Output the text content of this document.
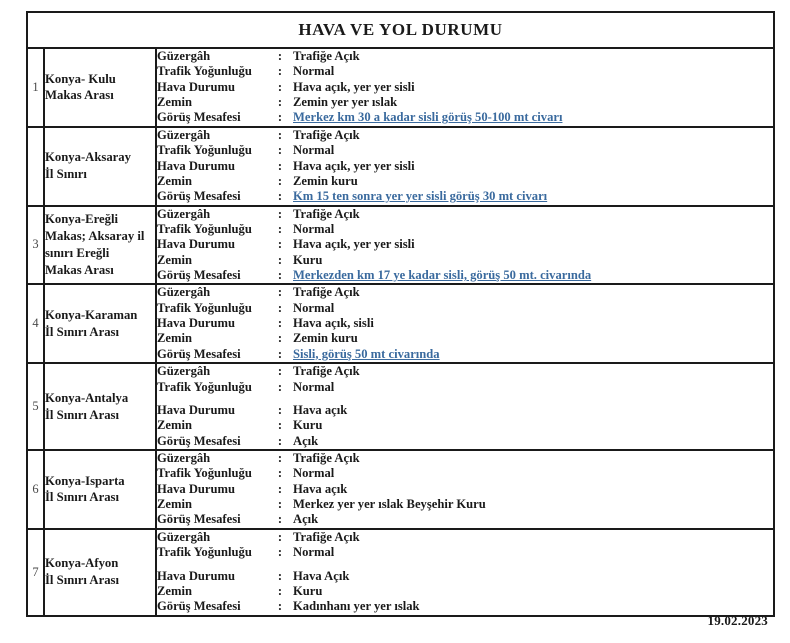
HAVA VE YOL DURUMU
1	
Konya- Kulu
Makas Arası

Güzergâh	:	Trafiğe Açık
Trafik Yoğunluğu	:	Normal
Hava Durumu	:	Hava açık, yer yer sisli
Zemin	:	Zemin yer yer ıslak
Görüş Mesafesi	:	Merkez km 30 a kadar sisli görüş 50-100 mt civarı

Konya-Aksaray
İl Sınırı

Güzergâh	:	Trafiğe Açık
Trafik Yoğunluğu	:	Normal
Hava Durumu	:	Hava açık, yer yer sisli
Zemin	:	Zemin kuru
Görüş Mesafesi	:	Km 15 ten sonra yer yer sisli görüş 30 mt civarı

3	
Konya-Ereğli
Makas; Aksaray il
sınırı Ereğli
Makas Arası

Güzergâh	:	Trafiğe Açık
Trafik Yoğunluğu	:	Normal
Hava Durumu	:	Hava açık, yer yer sisli
Zemin	:	Kuru
Görüş Mesafesi	:	Merkezden km 17 ye kadar sisli, görüş 50 mt. civarında

4	
Konya-Karaman
İl Sınırı Arası

Güzergâh	:	Trafiğe Açık
Trafik Yoğunluğu	:	Normal
Hava Durumu	:	Hava açık, sisli
Zemin	:	Zemin kuru
Görüş Mesafesi	:	Sisli, görüş 50 mt civarında

5	
Konya-Antalya
İl Sınırı Arası

Güzergâh	:	Trafiğe Açık
Trafik Yoğunluğu	:	Normal
Hava Durumu	:	Hava açık
Zemin	:	Kuru
Görüş Mesafesi	:	Açık

6	
Konya-Isparta
İl Sınırı Arası

Güzergâh	:	Trafiğe Açık
Trafik Yoğunluğu	:	Normal
Hava Durumu	:	Hava açık
Zemin	:	Merkez yer yer ıslak Beyşehir Kuru
Görüş Mesafesi	:	Açık

7	
Konya-Afyon
İl Sınırı Arası

Güzergâh	:	Trafiğe Açık
Trafik Yoğunluğu	:	Normal
Hava Durumu	:	Hava Açık
Zemin	:	Kuru
Görüş Mesafesi	:	Kadınhanı yer yer ıslak
19.02.2023
